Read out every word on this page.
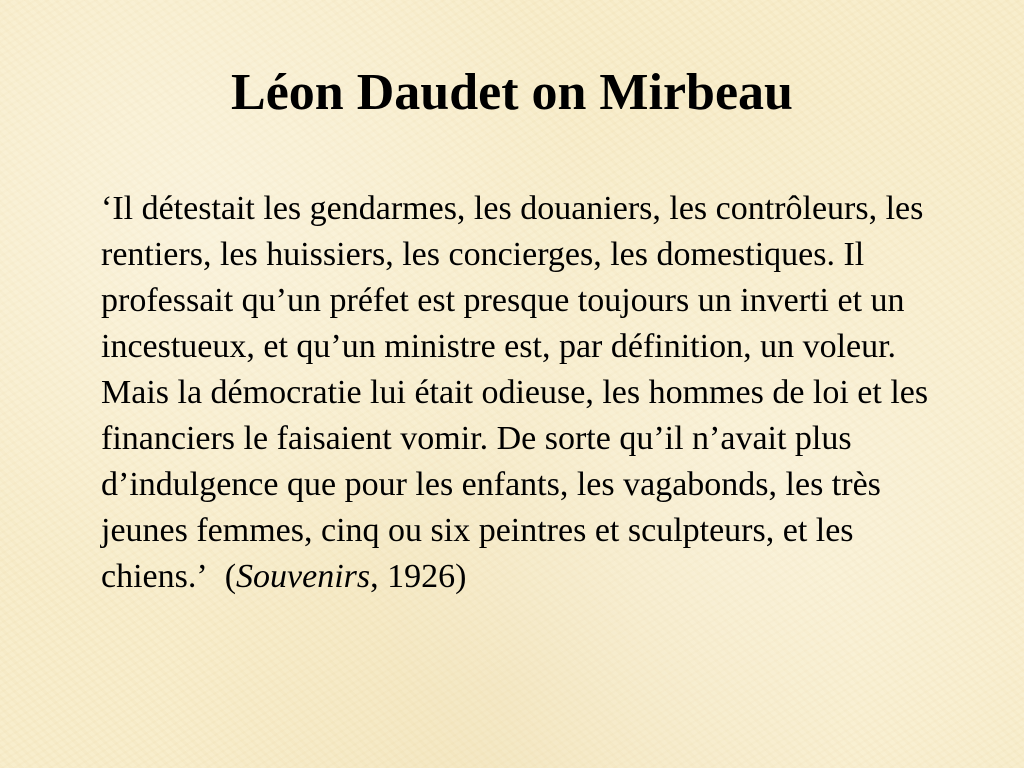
Léon Daudet on Mirbeau

‘Il détestait les gendarmes, les douaniers, les contrôleurs, les rentiers, les huissiers, les concierges, les domestiques. Il professait qu’un préfet est presque toujours un inverti et un incestueux, et qu’un ministre est, par définition, un voleur. Mais la démocratie lui était odieuse, les hommes de loi et les financiers le faisaient vomir. De sorte qu’il n’avait plus d’indulgence que pour les enfants, les vagabonds, les très jeunes femmes, cinq ou six peintres et sculpteurs, et les chiens.’ (Souvenirs, 1926)
